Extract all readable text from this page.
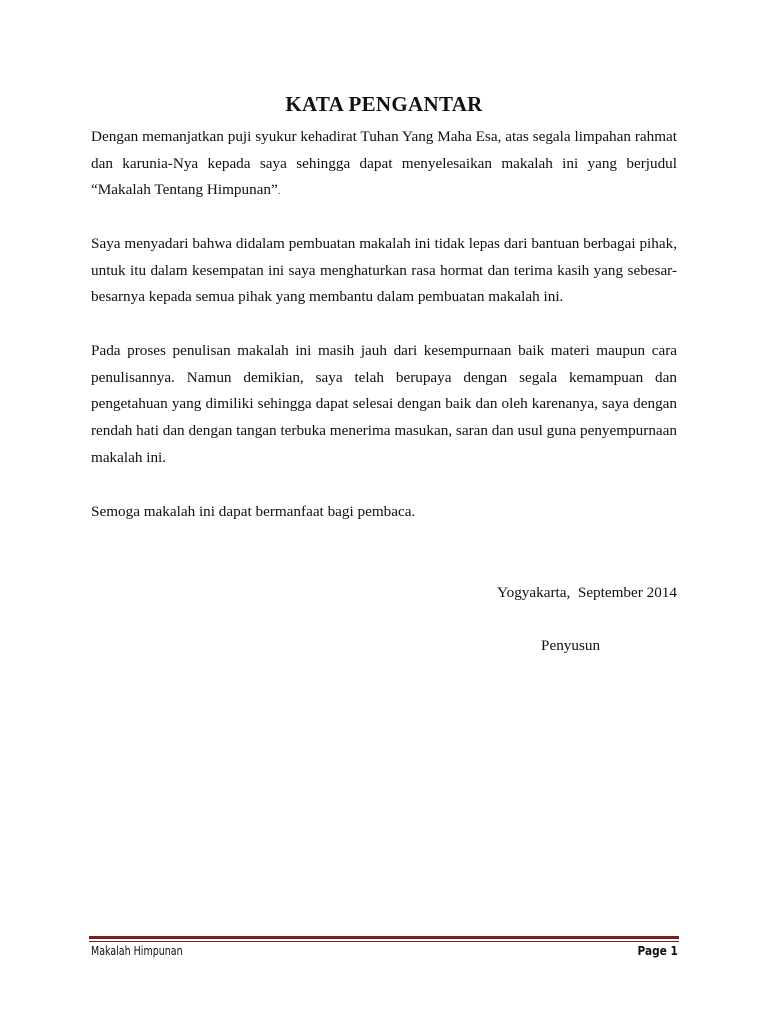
KATA PENGANTAR
Dengan memanjatkan puji syukur kehadirat Tuhan Yang Maha Esa, atas segala limpahan rahmat dan karunia-Nya kepada saya sehingga dapat menyelesaikan makalah ini yang berjudul “Makalah Tentang Himpunan”.
Saya menyadari bahwa didalam pembuatan makalah ini tidak lepas dari bantuan berbagai pihak, untuk itu dalam kesempatan ini saya menghaturkan rasa hormat dan terima kasih yang sebesar-besarnya kepada semua pihak yang membantu dalam pembuatan makalah ini.
Pada proses penulisan makalah ini masih jauh dari kesempurnaan baik materi maupun cara penulisannya. Namun demikian, saya telah berupaya dengan segala kemampuan dan pengetahuan yang dimiliki sehingga dapat selesai dengan baik dan oleh karenanya, saya dengan rendah hati dan dengan tangan terbuka menerima masukan, saran dan usul guna penyempurnaan makalah ini.
Semoga makalah ini dapat bermanfaat bagi pembaca.
Yogyakarta,  September 2014
Penyusun
Makalah Himpunan	Page 1
